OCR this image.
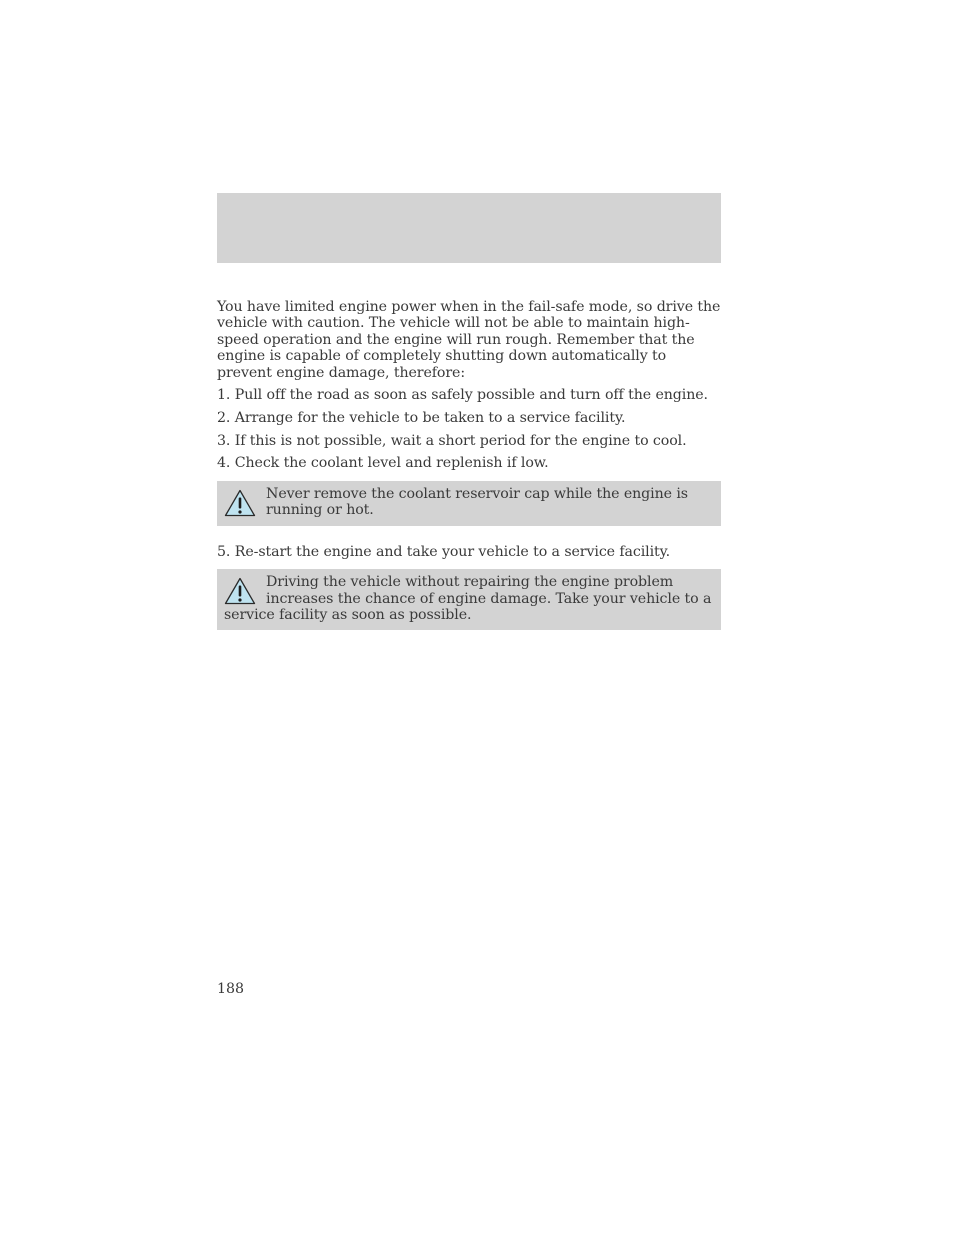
You have limited engine power when in the fail-safe mode, so drive the vehicle with caution. The vehicle will not be able to maintain high-speed operation and the engine will run rough. Remember that the engine is capable of completely shutting down automatically to prevent engine damage, therefore:

1. Pull off the road as soon as safely possible and turn off the engine.

2. Arrange for the vehicle to be taken to a service facility.

3. If this is not possible, wait a short period for the engine to cool.

4. Check the coolant level and replenish if low.

Never remove the coolant reservoir cap while the engine is running or hot.

5. Re-start the engine and take your vehicle to a service facility.

Driving the vehicle without repairing the engine problem increases the chance of engine damage. Take your vehicle to a service facility as soon as possible.
188
